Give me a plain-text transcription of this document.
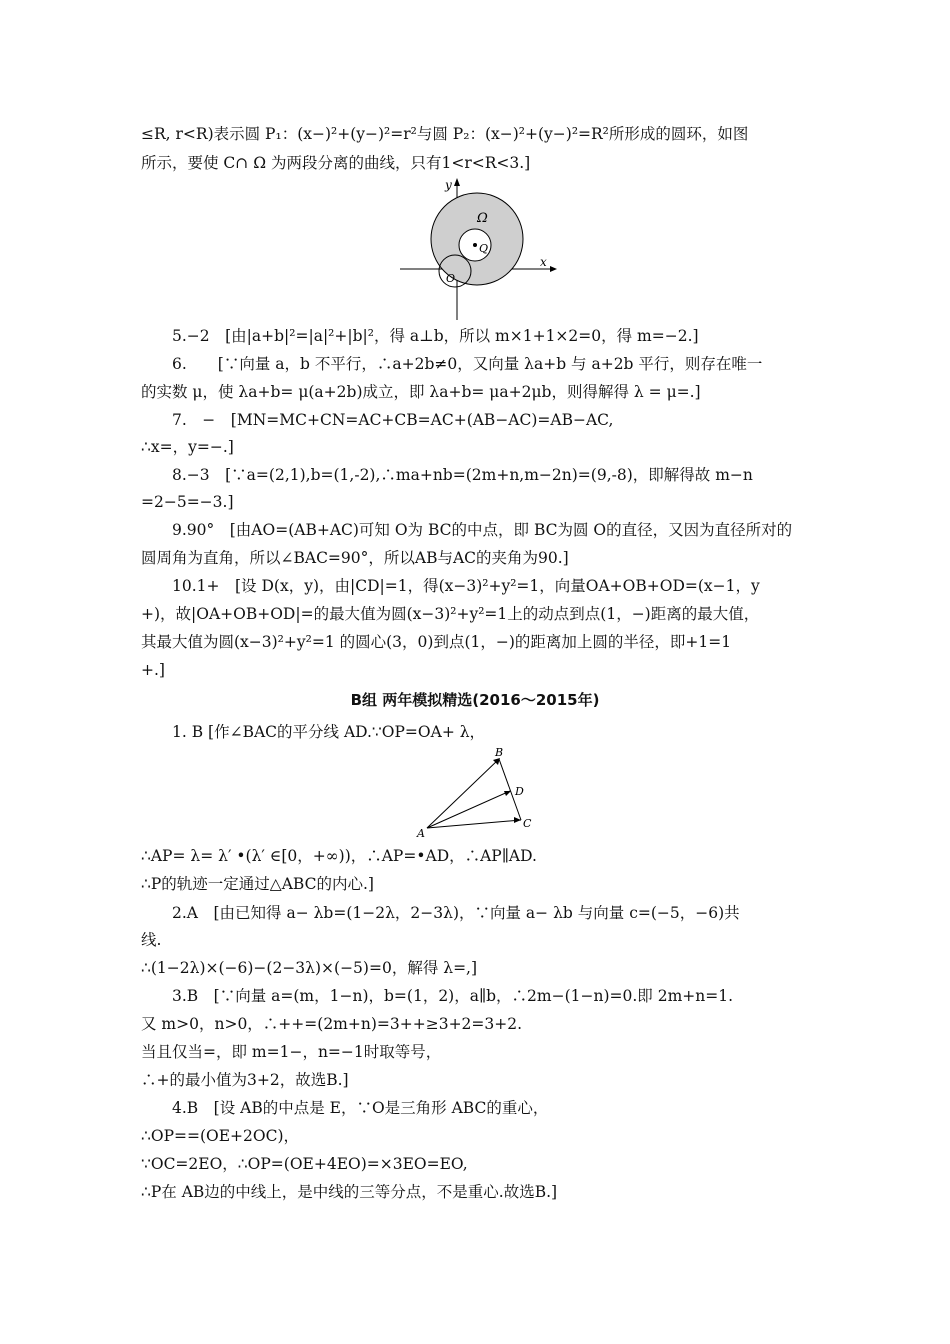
≤R, r<R)表示圆 P₁：(x−)²+(y−)²=r²与圆 P₂：(x−)²+(y−)²=R²所形成的圆环，如图
所示，要使 C∩ Ω 为两段分离的曲线，只有1<r<R<3.]
y
x
Ω
Q
O
5.−2　[由|a+b|²=|a|²+|b|²，得 a⊥b，所以 m×1+1×2=0，得 m=−2.]
6.　　[∵向量 a，b 不平行，∴a+2b≠0，又向量 λa+b 与 a+2b 平行，则存在唯一
的实数 μ，使 λa+b= μ(a+2b)成立，即 λa+b= μa+2μb，则得解得 λ = μ=.]
7.　−　[MN=MC+CN=AC+CB=AC+(AB−AC)=AB−AC,
∴x=，y=−.]
8.−3　[∵a=(2,1),b=(1,-2),∴ma+nb=(2m+n,m−2n)=(9,-8)，即解得故 m−n
=2−5=−3.]
9.90°　[由AO=(AB+AC)可知 O为 BC的中点，即 BC为圆 O的直径，又因为直径所对的
圆周角为直角，所以∠BAC=90°，所以AB与AC的夹角为90.]
10.1+　[设 D(x，y)，由|CD|=1，得(x−3)²+y²=1，向量OA+OB+OD=(x−1，y
+)，故|OA+OB+OD|=的最大值为圆(x−3)²+y²=1上的动点到点(1，−)距离的最大值，
其最大值为圆(x−3)²+y²=1 的圆心(3，0)到点(1，−)的距离加上圆的半径，即+1=1
+.]
B组 两年模拟精选(2016～2015年)
1. B [作∠BAC的平分线 AD.∵OP=OA+ λ，
A
B
C
D
∴AP= λ= λ′ •(λ′ ∈[0，+∞))，∴AP=•AD，∴AP∥AD.
∴P的轨迹一定通过△ABC的内心.]
2.A　[由已知得 a− λb=(1−2λ，2−3λ)，∵向量 a− λb 与向量 c=(−5，−6)共
线.
∴(1−2λ)×(−6)−(2−3λ)×(−5)=0，解得 λ=,]
3.B　[∵向量 a=(m，1−n)，b=(1，2)，a∥b，∴2m−(1−n)=0.即 2m+n=1.
又 m>0，n>0，∴++=(2m+n)=3++≥3+2=3+2.
当且仅当=，即 m=1−，n=−1时取等号，
∴+的最小值为3+2，故选B.]
4.B　[设 AB的中点是 E，∵O是三角形 ABC的重心，
∴OP==(OE+2OC)，
∵OC=2EO，∴OP=(OE+4EO)=×3EO=EO,
∴P在 AB边的中线上，是中线的三等分点，不是重心.故选B.]
